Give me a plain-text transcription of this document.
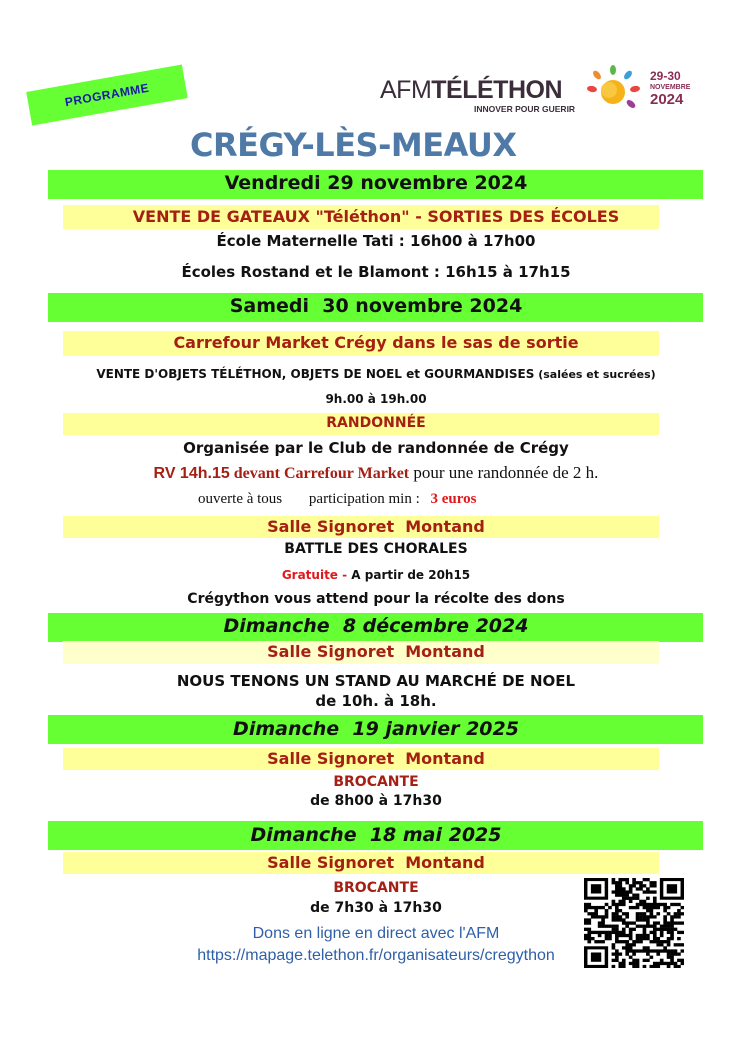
PROGRAMME	AFMTÉLÉTHON
INNOVER POUR GUERIR
29-30
NOVEMBRE
2024
CRÉGY-LÈS-MEAUX
Vendredi 29 novembre 2024
VENTE DE GATEAUX "Téléthon" - SORTIES DES ÉCOLES
École Maternelle Tati : 16h00 à 17h00
Écoles Rostand et le Blamont : 16h15 à 17h15
Samedi  30 novembre 2024
Carrefour Market Crégy dans le sas de sortie
VENTE D'OBJETS TÉLÉTHON, OBJETS DE NOEL et GOURMANDISES (salées et sucrées)
9h.00 à 19h.00
RANDONNÉE
Organisée par le Club de randonnée de Crégy
RV 14h.15 devant Carrefour Market pour une randonnée de 2 h.
ouverte à tous participation min : 3 euros
Salle Signoret  Montand
BATTLE DES CHORALES
Gratuite - A partir de 20h15
Crégython vous attend pour la récolte des dons
Dimanche  8 décembre 2024
Salle Signoret  Montand
NOUS TENONS UN STAND AU MARCHÉ DE NOEL
de 10h. à 18h.
Dimanche  19 janvier 2025
Salle Signoret  Montand
BROCANTE
de 8h00 à 17h30
Dimanche  18 mai 2025
Salle Signoret  Montand
BROCANTE
de 7h30 à 17h30
Dons en ligne en direct avec l'AFM
https://mapage.telethon.fr/organisateurs/cregython
